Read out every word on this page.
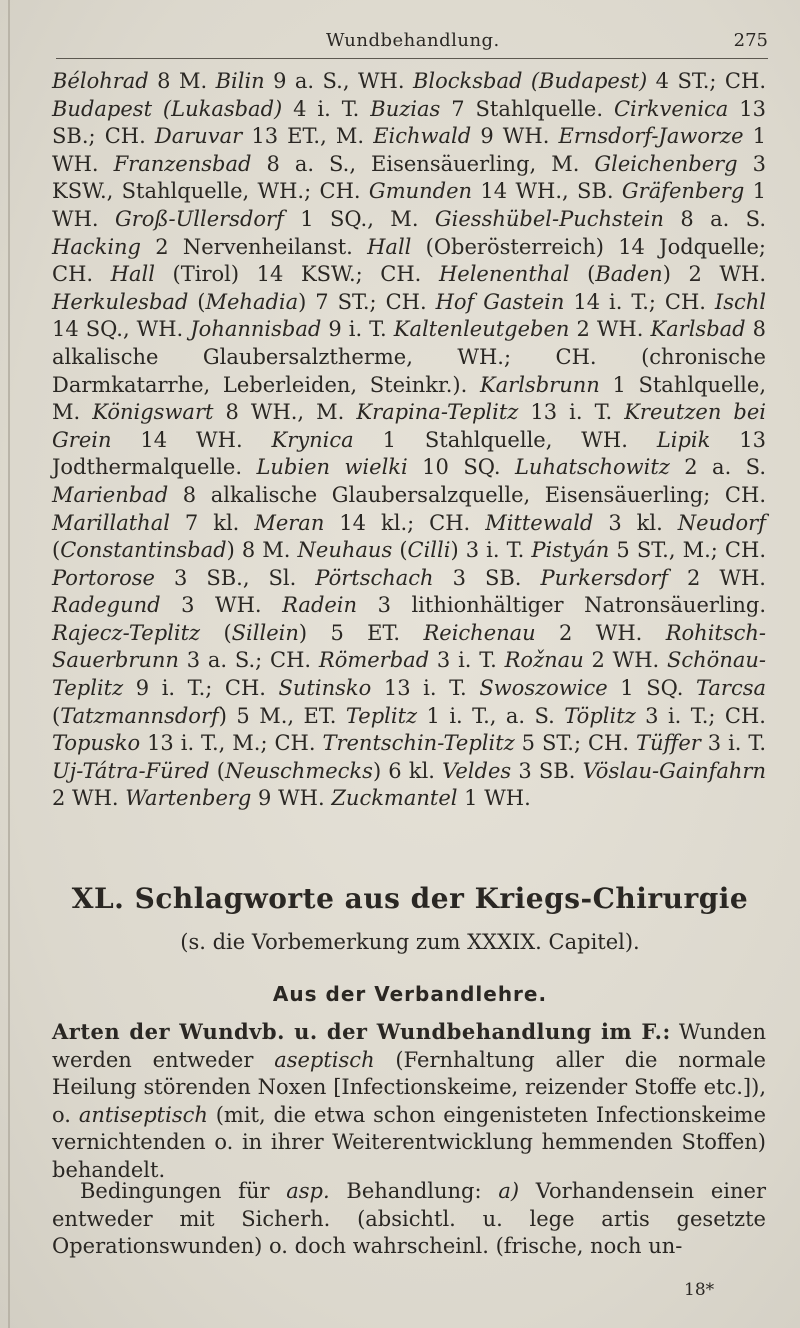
Wundbehandlung.	275
Bélohrad 8 M. Bilin 9 a. S., WH. Blocksbad (Budapest) 4 ST.; CH. Budapest (Lukasbad) 4 i. T. Buzias 7 Stahlquelle. Cirkvenica 13 SB.; CH. Daruvar 13 ET., M. Eichwald 9 WH. Ernsdorf-Jaworze 1 WH. Franzensbad 8 a. S., Eisensäuerling, M. Gleichenberg 3 KSW., Stahlquelle, WH.; CH. Gmunden 14 WH., SB. Gräfenberg 1 WH. Groß-Ullersdorf 1 SQ., M. Giesshübel-Puchstein 8 a. S. Hacking 2 Nervenheilanst. Hall (Oberösterreich) 14 Jodquelle; CH. Hall (Tirol) 14 KSW.; CH. Helenenthal (Baden) 2 WH. Herkulesbad (Mehadia) 7 ST.; CH. Hof Gastein 14 i. T.; CH. Ischl 14 SQ., WH. Johannisbad 9 i. T. Kaltenleutgeben 2 WH. Karlsbad 8 alkalische Glaubersalztherme, WH.; CH. (chronische Darmkatarrhe, Leberleiden, Steinkr.). Karlsbrunn 1 Stahlquelle, M. Königswart 8 WH., M. Krapina-Teplitz 13 i. T. Kreutzen bei Grein 14 WH. Krynica 1 Stahlquelle, WH. Lipik 13 Jodthermalquelle. Lubien wielki 10 SQ. Luhatschowitz 2 a. S. Marienbad 8 alkalische Glaubersalzquelle, Eisensäuerling; CH. Marillathal 7 kl. Meran 14 kl.; CH. Mittewald 3 kl. Neudorf (Constantinsbad) 8 M. Neuhaus (Cilli) 3 i. T. Pistyán 5 ST., M.; CH. Portorose 3 SB., Sl. Pörtschach 3 SB. Purkersdorf 2 WH. Radegund 3 WH. Radein 3 lithionhältiger Natronsäuerling. Rajecz-Teplitz (Sillein) 5 ET. Reichenau 2 WH. Rohitsch-Sauerbrunn 3 a. S.; CH. Römerbad 3 i. T. Rožnau 2 WH. Schönau-Teplitz 9 i. T.; CH. Sutinsko 13 i. T. Swoszowice 1 SQ. Tarcsa (Tatzmannsdorf) 5 M., ET. Teplitz 1 i. T., a. S. Töplitz 3 i. T.; CH. Topusko 13 i. T., M.; CH. Trentschin-Teplitz 5 ST.; CH. Tüffer 3 i. T. Uj-Tátra-Füred (Neuschmecks) 6 kl. Veldes 3 SB. Vöslau-Gainfahrn 2 WH. Wartenberg 9 WH. Zuckmantel 1 WH.
XL. Schlagworte aus der Kriegs-Chirurgie
(s. die Vorbemerkung zum XXXIX. Capitel).
Aus der Verbandlehre.
Arten der Wundvb. u. der Wundbehandlung im F.: Wunden werden entweder aseptisch (Fernhaltung aller die normale Heilung störenden Noxen [Infectionskeime, reizender Stoffe etc.]), o. antiseptisch (mit, die etwa schon eingenisteten Infectionskeime vernichtenden o. in ihrer Weiterentwicklung hemmenden Stoffen) behandelt.
Bedingungen für asp. Behandlung: a) Vorhandensein einer entweder mit Sicherh. (absichtl. u. lege artis gesetzte Operationswunden) o. doch wahrscheinl. (frische, noch un-
18*
